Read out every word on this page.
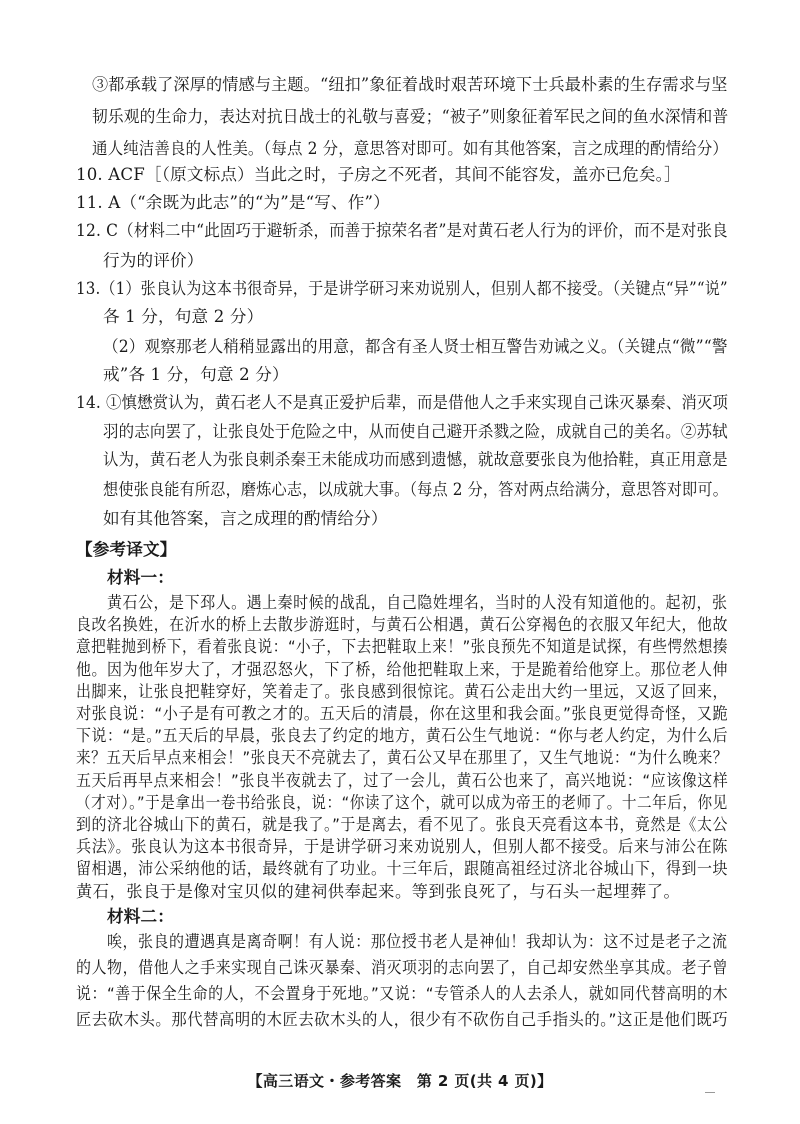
③都承载了深厚的情感与主题。“纽扣”象征着战时艰苦环境下士兵最朴素的生存需求与坚
韧乐观的生命力，表达对抗日战士的礼敬与喜爱；“被子”则象征着军民之间的鱼水深情和普
通人纯洁善良的人性美。（每点 2 分，意思答对即可。如有其他答案，言之成理的酌情给分）
10. ACF［（原文标点）当此之时，子房之不死者，其间不能容发，盖亦已危矣。］
11. A（“余既为此志”的“为”是“写、作”）
12. C（材料二中“此固巧于避斩杀，而善于掠荣名者”是对黄石老人行为的评价，而不是对张良
行为的评价）
13.（1）张良认为这本书很奇异，于是讲学研习来劝说别人，但别人都不接受。（关键点“异”“说”
各 1 分，句意 2 分）
（2）观察那老人稍稍显露出的用意，都含有圣人贤士相互警告劝诫之义。（关键点“微”“警
戒”各 1 分，句意 2 分）
14. ①慎懋赏认为，黄石老人不是真正爱护后辈，而是借他人之手来实现自己诛灭暴秦、消灭项
羽的志向罢了，让张良处于危险之中，从而使自己避开杀戮之险，成就自己的美名。②苏轼
认为，黄石老人为张良刺杀秦王未能成功而感到遗憾，就故意要张良为他拾鞋，真正用意是
想使张良能有所忍，磨炼心志，以成就大事。（每点 2 分，答对两点给满分，意思答对即可。
如有其他答案，言之成理的酌情给分）
【参考译文】
材料一：
黄石公，是下邳人。遇上秦时候的战乱，自己隐姓埋名，当时的人没有知道他的。起初，张
良改名换姓，在沂水的桥上去散步游逛时，与黄石公相遇，黄石公穿褐色的衣服又年纪大，他故
意把鞋抛到桥下，看着张良说：“小子，下去把鞋取上来！”张良预先不知道是试探，有些愕然想揍
他。因为他年岁大了，才强忍怒火，下了桥，给他把鞋取上来，于是跪着给他穿上。那位老人伸
出脚来，让张良把鞋穿好，笑着走了。张良感到很惊诧。黄石公走出大约一里远，又返了回来，
对张良说：“小子是有可教之才的。五天后的清晨，你在这里和我会面。”张良更觉得奇怪，又跪
下说：“是。”五天后的早晨，张良去了约定的地方，黄石公生气地说：“你与老人约定，为什么后
来？五天后早点来相会！”张良天不亮就去了，黄石公又早在那里了，又生气地说：“为什么晚来？
五天后再早点来相会！”张良半夜就去了，过了一会儿，黄石公也来了，高兴地说：“应该像这样
（才对）。”于是拿出一卷书给张良，说：“你读了这个，就可以成为帝王的老师了。十二年后，你见
到的济北谷城山下的黄石，就是我了。”于是离去，看不见了。张良天亮看这本书，竟然是《太公
兵法》。张良认为这本书很奇异，于是讲学研习来劝说别人，但别人都不接受。后来与沛公在陈
留相遇，沛公采纳他的话，最终就有了功业。十三年后，跟随高祖经过济北谷城山下，得到一块
黄石，张良于是像对宝贝似的建祠供奉起来。等到张良死了，与石头一起埋葬了。
材料二：
【高三语文・参考答案　第 2 页(共 4 页)】
唉，张良的遭遇真是离奇啊！有人说：那位授书老人是神仙！我却认为：这不过是老子之流
的人物，借他人之手来实现自己诛灭暴秦、消灭项羽的志向罢了，自己却安然坐享其成。老子曾
说：“善于保全生命的人，不会置身于死地。”又说：“专管杀人的人去杀人，就如同代替高明的木
匠去砍木头。那代替高明的木匠去砍木头的人，很少有不砍伤自己手指头的。”这正是他们既巧
